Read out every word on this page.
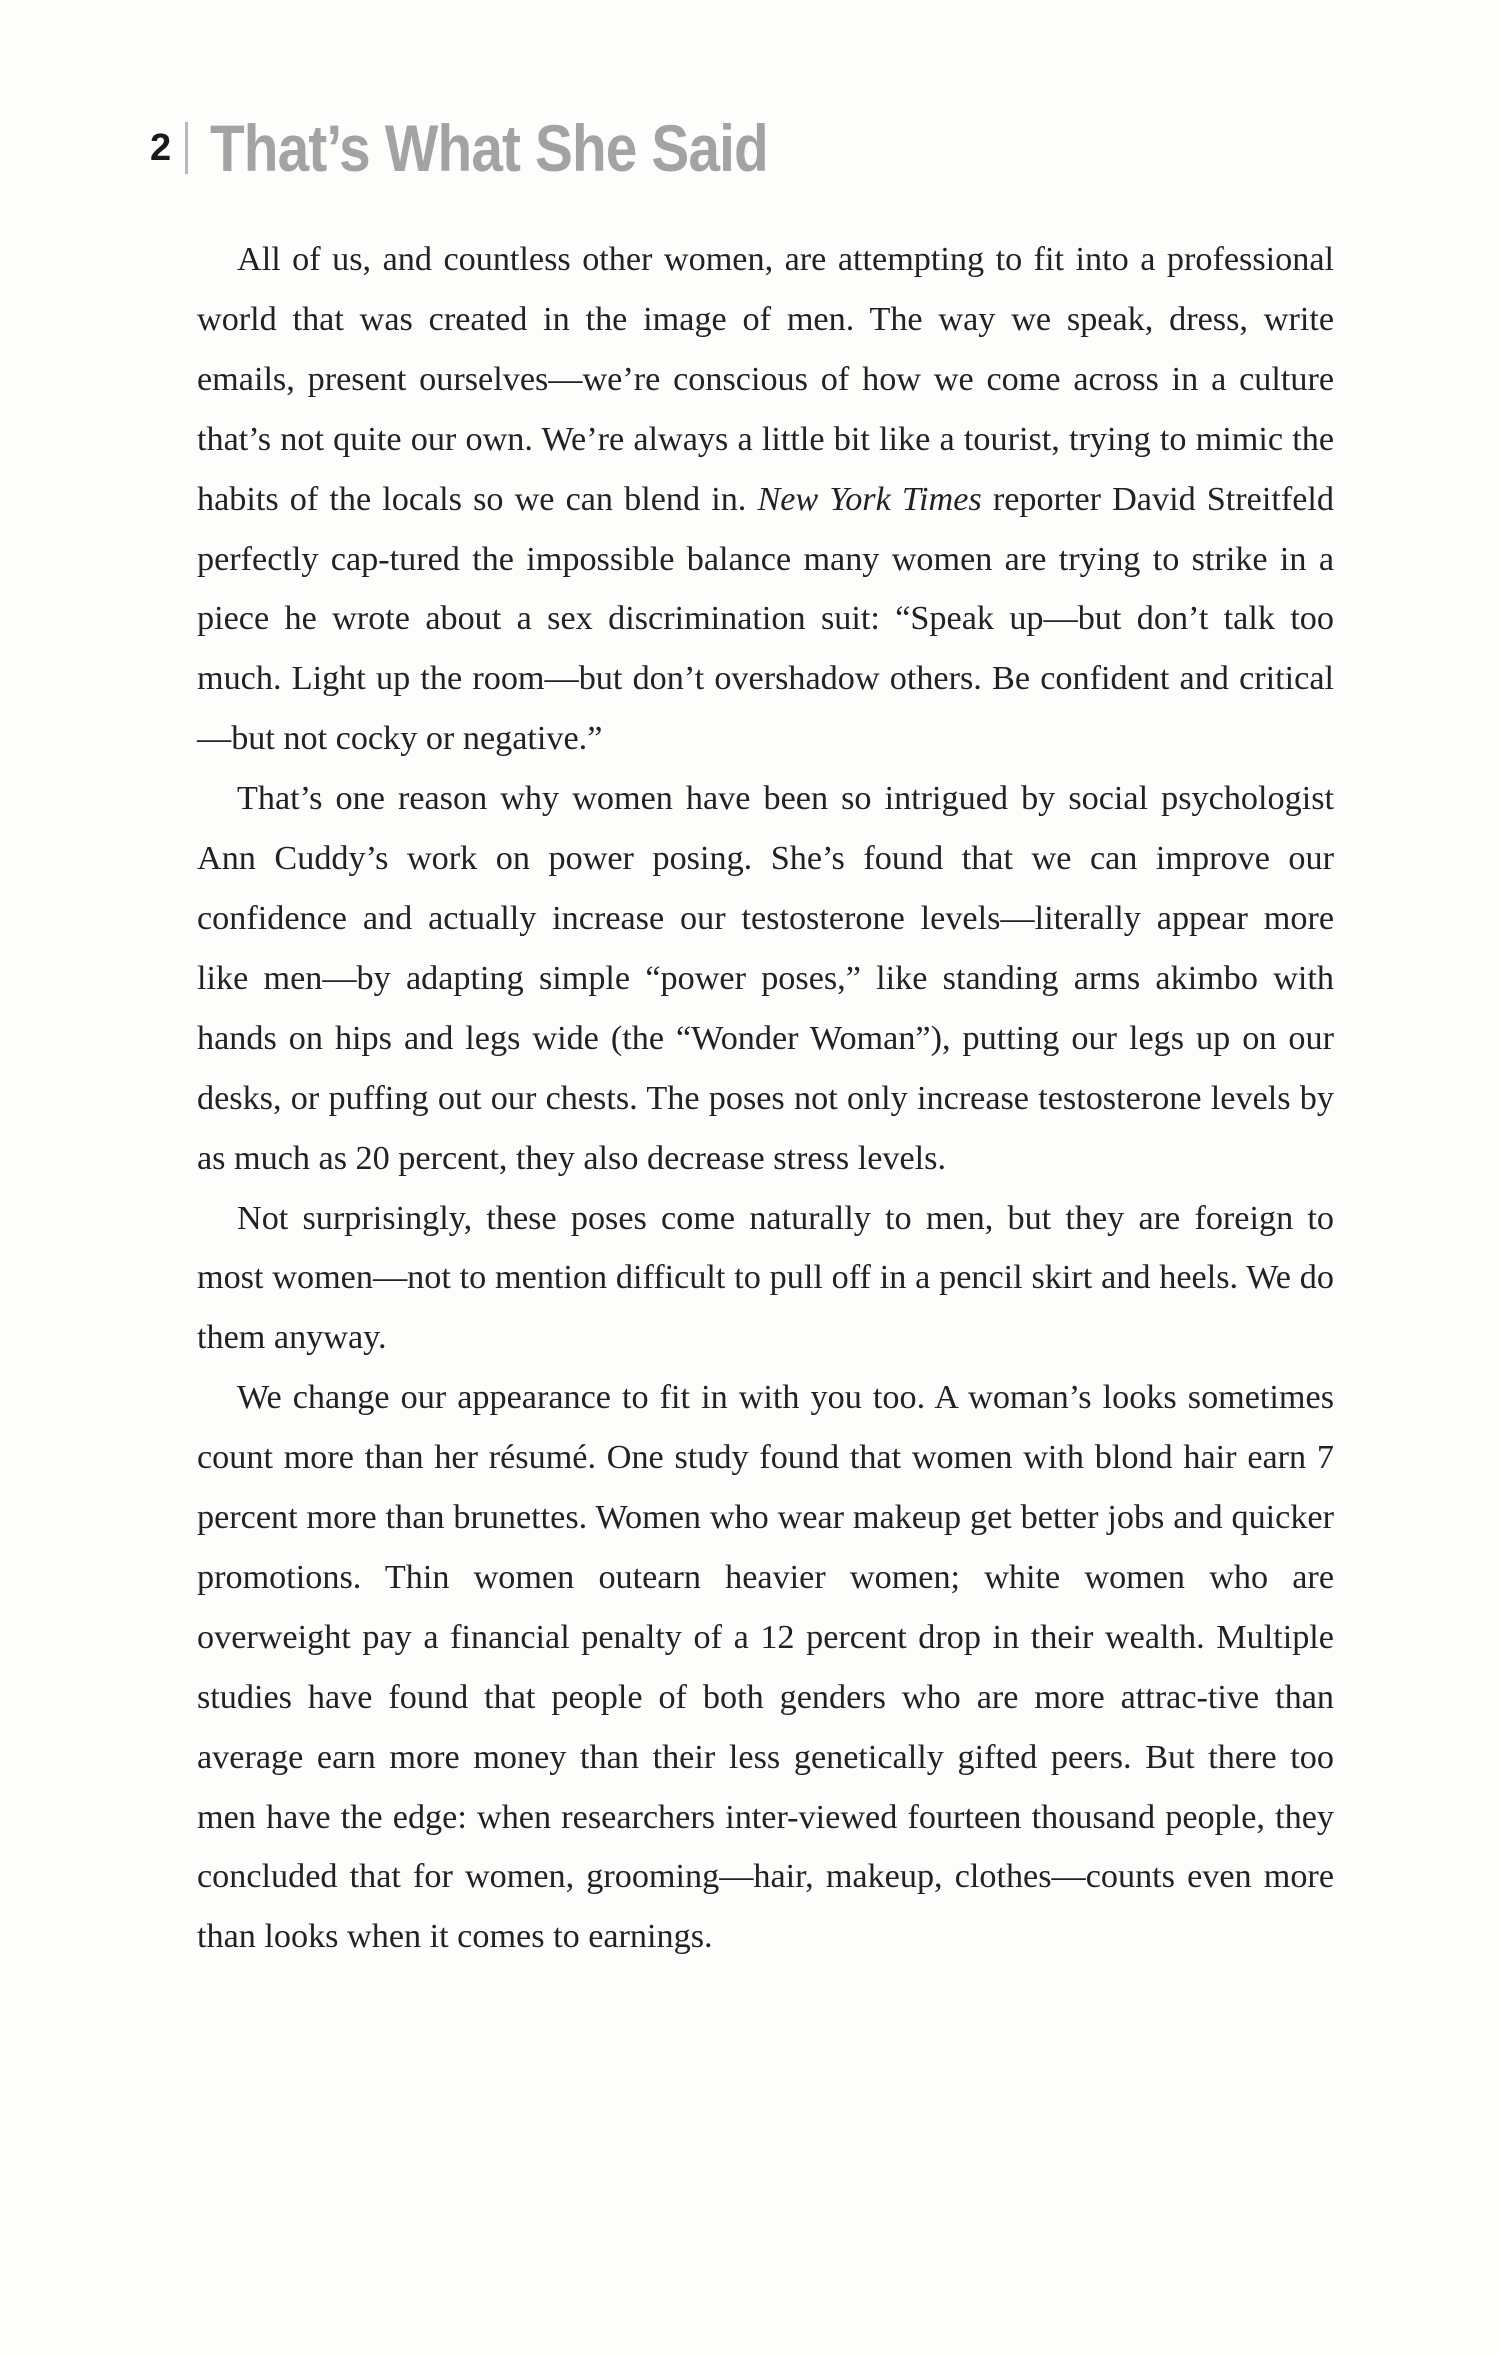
2 That’s What She Said

All of us, and countless other women, are attempting to fit into a professional world that was created in the image of men. The way we speak, dress, write emails, present ourselves—we’re conscious of how we come across in a culture that’s not quite our own. We’re always a little bit like a tourist, trying to mimic the habits of the locals so we can blend in. New York Times reporter David Streitfeld perfectly cap-tured the impossible balance many women are trying to strike in a piece he wrote about a sex discrimination suit: “Speak up—but don’t talk too much. Light up the room—but don’t overshadow others. Be confident and critical—but not cocky or negative.”

That’s one reason why women have been so intrigued by social psychologist Ann Cuddy’s work on power posing. She’s found that we can improve our confidence and actually increase our testosterone levels—literally appear more like men—by adapting simple “power poses,” like standing arms akimbo with hands on hips and legs wide (the “Wonder Woman”), putting our legs up on our desks, or puffing out our chests. The poses not only increase testosterone levels by as much as 20 percent, they also decrease stress levels.

Not surprisingly, these poses come naturally to men, but they are foreign to most women—not to mention difficult to pull off in a pencil skirt and heels. We do them anyway.

We change our appearance to fit in with you too. A woman’s looks sometimes count more than her résumé. One study found that women with blond hair earn 7 percent more than brunettes. Women who wear makeup get better jobs and quicker promotions. Thin women outearn heavier women; white women who are overweight pay a financial penalty of a 12 percent drop in their wealth. Multiple studies have found that people of both genders who are more attrac-tive than average earn more money than their less genetically gifted peers. But there too men have the edge: when researchers inter-viewed fourteen thousand people, they concluded that for women, grooming—hair, makeup, clothes—counts even more than looks when it comes to earnings.
